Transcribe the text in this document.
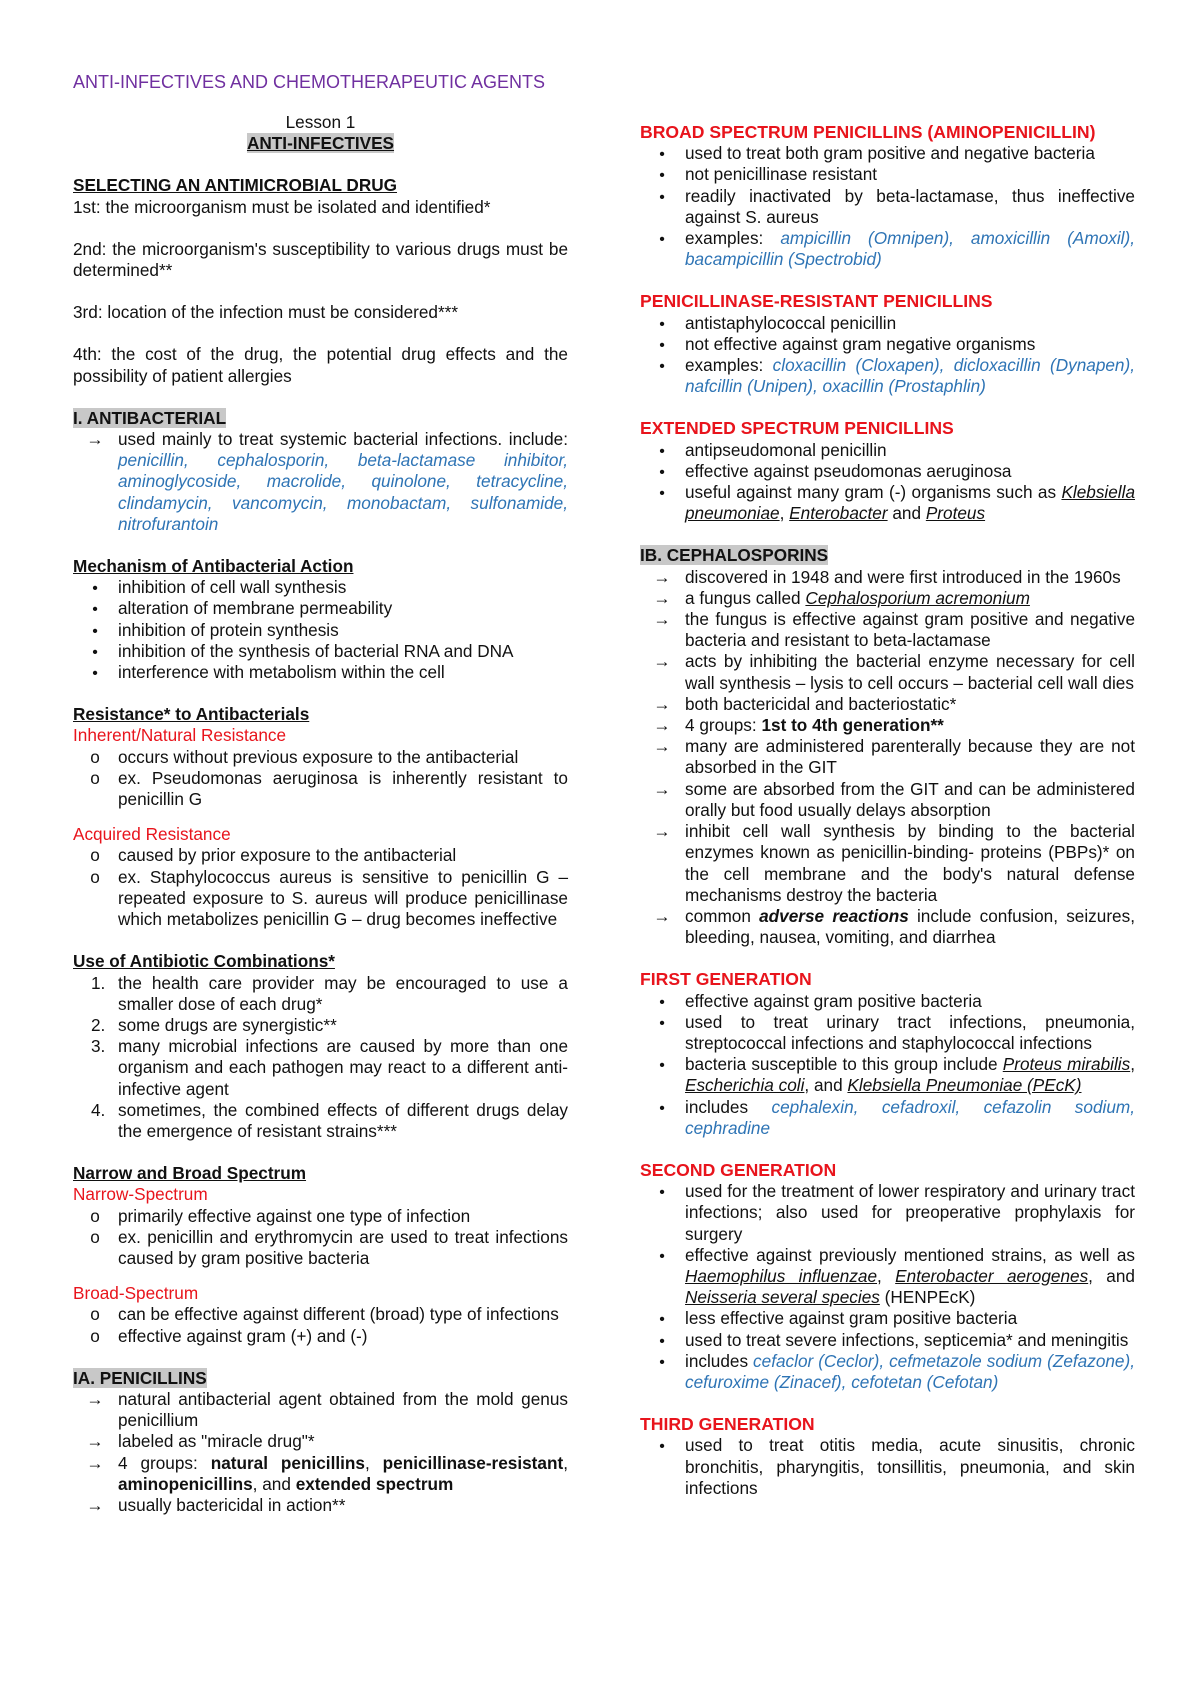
ANTI-INFECTIVES AND CHEMOTHERAPEUTIC AGENTS

Lesson 1

ANTI-INFECTIVES

SELECTING AN ANTIMICROBIAL DRUG

1st: the microorganism must be isolated and identified*

2nd: the microorganism's susceptibility to various drugs must be determined**

3rd: location of the infection must be considered***

4th: the cost of the drug, the potential drug effects and the possibility of patient allergies

I. ANTIBACTERIAL

→
used mainly to treat systemic bacterial infections. include: penicillin, cephalosporin, beta-lactamase inhibitor, aminoglycoside, macrolide, quinolone, tetracycline, clindamycin, vancomycin, monobactam, sulfonamide, nitrofurantoin

Mechanism of Antibacterial Action

•
inhibition of cell wall synthesis
•
alteration of membrane permeability
•
inhibition of protein synthesis
•
inhibition of the synthesis of bacterial RNA and DNA
•
interference with metabolism within the cell

Resistance* to Antibacterials

Inherent/Natural Resistance

o
occurs without previous exposure to the antibacterial
o
ex. Pseudomonas aeruginosa is inherently resistant to penicillin G

Acquired Resistance

o
caused by prior exposure to the antibacterial
o
ex. Staphylococcus aureus is sensitive to penicillin G – repeated exposure to S. aureus will produce penicillinase which metabolizes penicillin G – drug becomes ineffective

Use of Antibiotic Combinations*

1. the health care provider may be encouraged to use a smaller dose of each drug*
2. some drugs are synergistic**
3. many microbial infections are caused by more than one organism and each pathogen may react to a different anti-infective agent
4. sometimes, the combined effects of different drugs delay the emergence of resistant strains***

Narrow and Broad Spectrum

Narrow-Spectrum

o
primarily effective against one type of infection
o
ex. penicillin and erythromycin are used to treat infections caused by gram positive bacteria

Broad-Spectrum

o
can be effective against different (broad) type of infections
o
effective against gram (+) and (-)

IA. PENICILLINS

→
natural antibacterial agent obtained from the mold genus penicillium
→
labeled as "miracle drug"*
→
4 groups: natural penicillins, penicillinase-resistant, aminopenicillins, and extended spectrum
→
usually bactericidal in action**

BROAD SPECTRUM PENICILLINS (AMINOPENICILLIN)

•
used to treat both gram positive and negative bacteria
•
not penicillinase resistant
•
readily inactivated by beta-lactamase, thus ineffective against S. aureus
•
examples: ampicillin (Omnipen), amoxicillin (Amoxil), bacampicillin (Spectrobid)

PENICILLINASE-RESISTANT PENICILLINS

•
antistaphylococcal penicillin
•
not effective against gram negative organisms
•
examples: cloxacillin (Cloxapen), dicloxacillin (Dynapen), nafcillin (Unipen), oxacillin (Prostaphlin)

EXTENDED SPECTRUM PENICILLINS

•
antipseudomonal penicillin
•
effective against pseudomonas aeruginosa
•
useful against many gram (-) organisms such as Klebsiella pneumoniae, Enterobacter and Proteus

IB. CEPHALOSPORINS

→
discovered in 1948 and were first introduced in the 1960s
→
a fungus called Cephalosporium acremonium
→
the fungus is effective against gram positive and negative bacteria and resistant to beta-lactamase
→
acts by inhibiting the bacterial enzyme necessary for cell wall synthesis – lysis to cell occurs – bacterial cell wall dies
→
both bactericidal and bacteriostatic*
→
4 groups: 1st to 4th generation**
→
many are administered parenterally because they are not absorbed in the GIT
→
some are absorbed from the GIT and can be administered orally but food usually delays absorption
→
inhibit cell wall synthesis by binding to the bacterial enzymes known as penicillin-binding- proteins (PBPs)* on the cell membrane and the body's natural defense mechanisms destroy the bacteria
→
common adverse reactions include confusion, seizures, bleeding, nausea, vomiting, and diarrhea

FIRST GENERATION

•
effective against gram positive bacteria
•
used to treat urinary tract infections, pneumonia, streptococcal infections and staphylococcal infections
•
bacteria susceptible to this group include Proteus mirabilis, Escherichia coli, and Klebsiella Pneumoniae (PEcK)
•
includes cephalexin, cefadroxil, cefazolin sodium, cephradine

SECOND GENERATION

•
used for the treatment of lower respiratory and urinary tract infections; also used for preoperative prophylaxis for surgery
•
effective against previously mentioned strains, as well as Haemophilus influenzae, Enterobacter aerogenes, and Neisseria several species (HENPEcK)
•
less effective against gram positive bacteria
•
used to treat severe infections, septicemia* and meningitis
•
includes cefaclor (Ceclor), cefmetazole sodium (Zefazone), cefuroxime (Zinacef), cefotetan (Cefotan)

THIRD GENERATION

•
used to treat otitis media, acute sinusitis, chronic bronchitis, pharyngitis, tonsillitis, pneumonia, and skin infections
